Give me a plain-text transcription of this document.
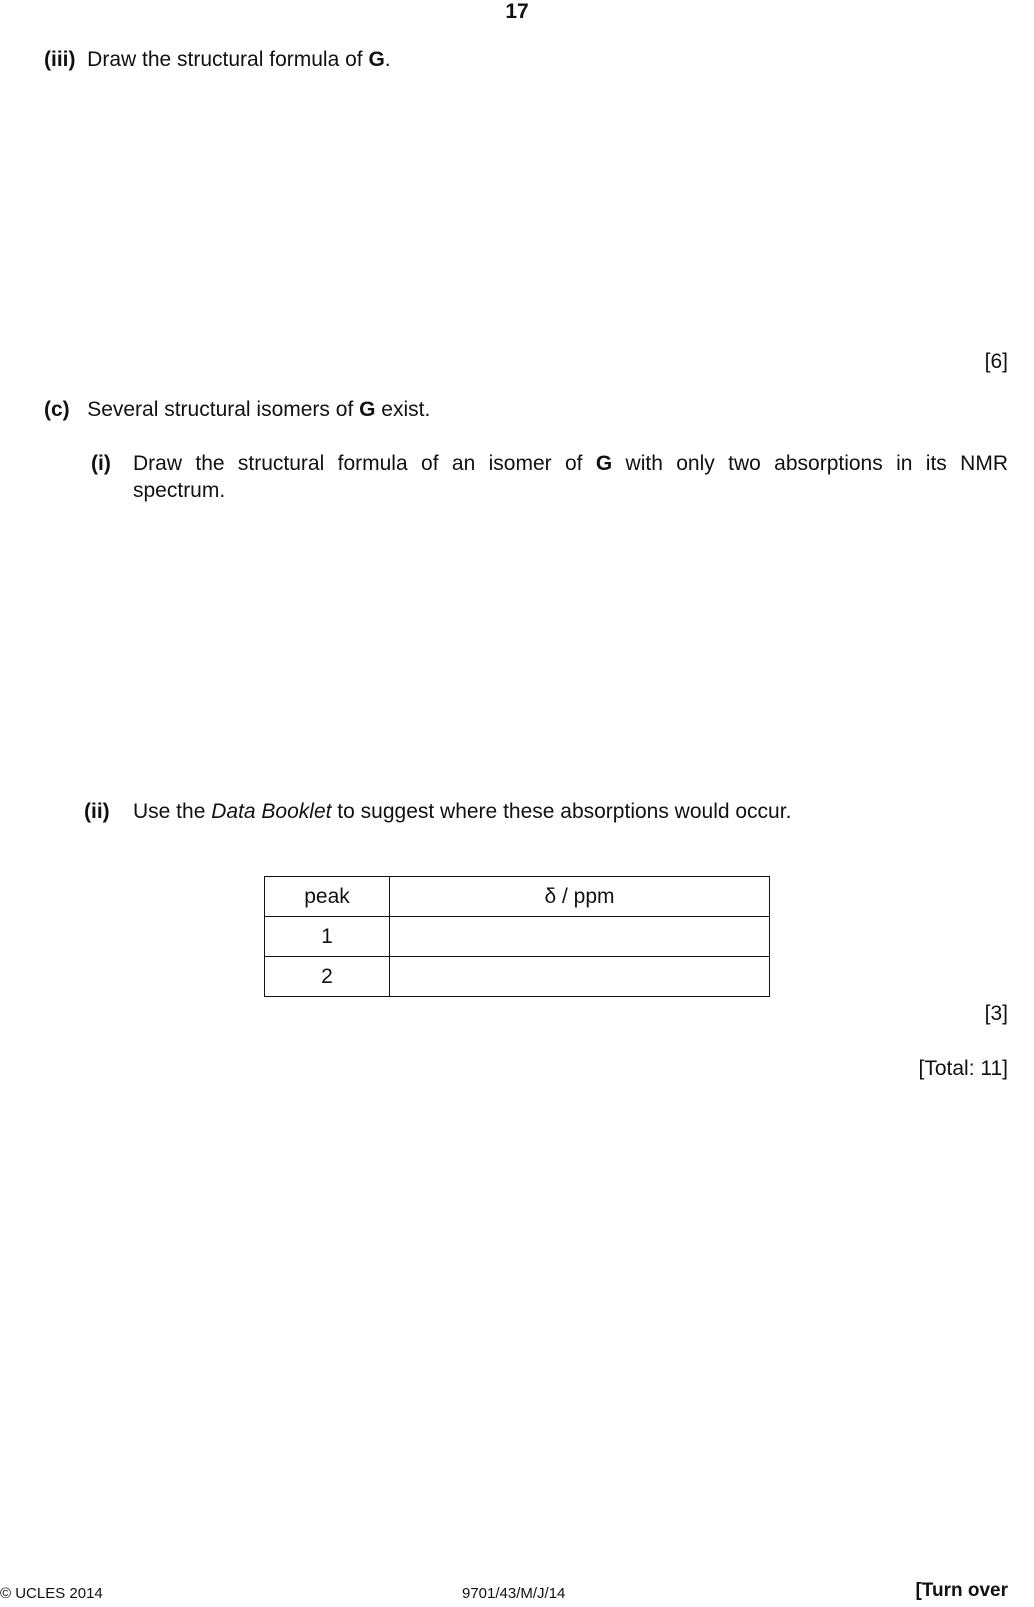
17
(iii) Draw the structural formula of G.
[6]
(c) Several structural isomers of G exist.
(i) Draw the structural formula of an isomer of G with only two absorptions in its NMR
spectrum.
(ii) Use the Data Booklet to suggest where these absorptions would occur.
peak	δ / ppm
1	
2	
[3]
[Total: 11]
© UCLES 2014	9701/43/M/J/14	[Turn over
